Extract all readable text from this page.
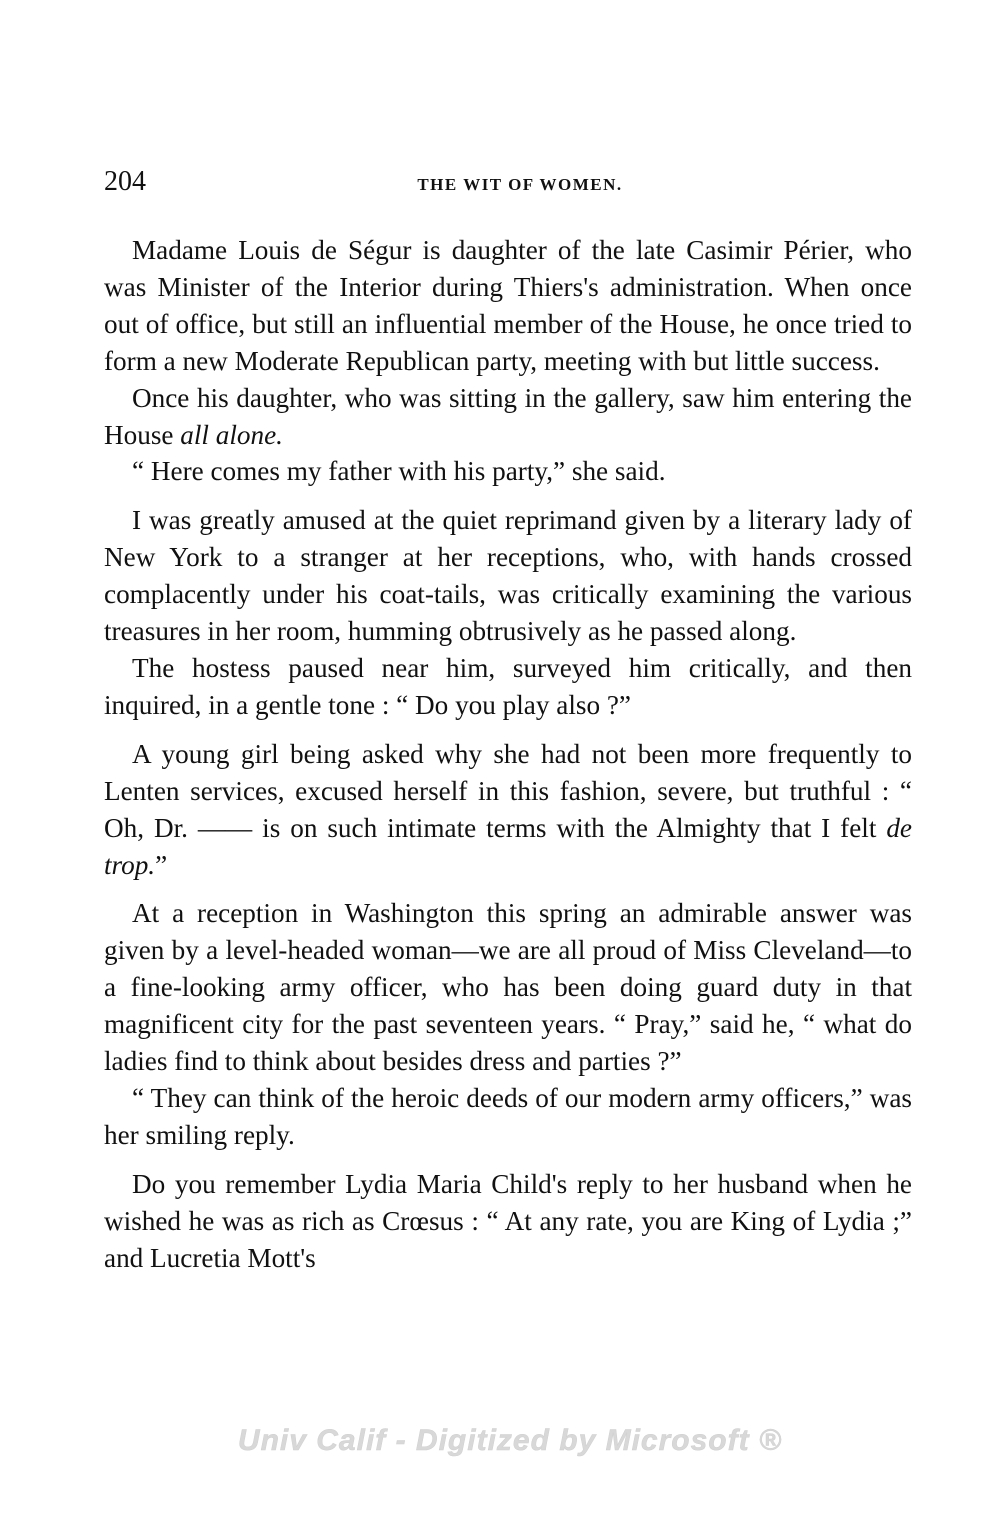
204	THE WIT OF WOMEN.

Madame Louis de Ségur is daughter of the late Casimir Périer, who was Minister of the Interior during Thiers's administration. When once out of office, but still an influential member of the House, he once tried to form a new Moderate Republican party, meeting with but little success.

Once his daughter, who was sitting in the gallery, saw him entering the House all alone.

“ Here comes my father with his party,” she said.

I was greatly amused at the quiet reprimand given by a literary lady of New York to a stranger at her receptions, who, with hands crossed complacently under his coat-tails, was critically examining the various treasures in her room, humming obtrusively as he passed along.

The hostess paused near him, surveyed him critically, and then inquired, in a gentle tone : “ Do you play also ?”

A young girl being asked why she had not been more frequently to Lenten services, excused herself in this fashion, severe, but truthful : “ Oh, Dr. —— is on such intimate terms with the Almighty that I felt de trop.”

At a reception in Washington this spring an admirable answer was given by a level-headed woman—we are all proud of Miss Cleveland—to a fine-looking army officer, who has been doing guard duty in that magnificent city for the past seventeen years. “ Pray,” said he, “ what do ladies find to think about besides dress and parties ?”

“ They can think of the heroic deeds of our modern army officers,” was her smiling reply.

Do you remember Lydia Maria Child's reply to her husband when he wished he was as rich as Crœsus : “ At any rate, you are King of Lydia ;” and Lucretia Mott's

Univ Calif - Digitized by Microsoft ®
